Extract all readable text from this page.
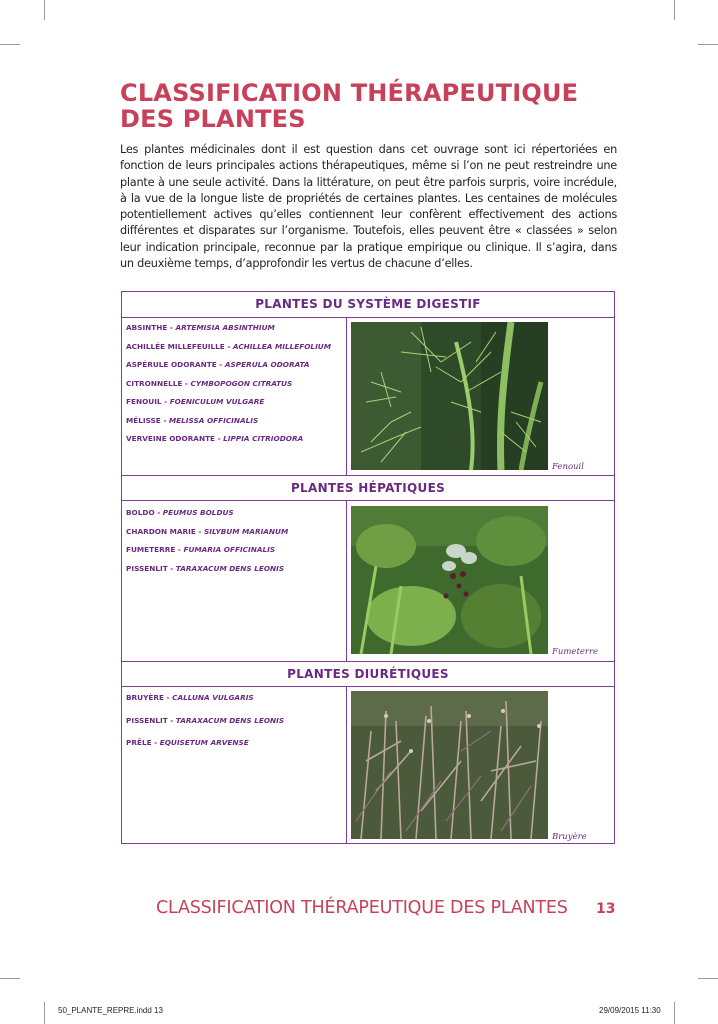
CLASSIFICATION THÉRAPEUTIQUE DES PLANTES

Les plantes médicinales dont il est question dans cet ouvrage sont ici répertoriées en fonction de leurs principales actions thérapeutiques, même si l’on ne peut restreindre une plante à une seule activité. Dans la littérature, on peut être parfois surpris, voire incrédule, à la vue de la longue liste de propriétés de certaines plantes. Les centaines de molécules potentiellement actives qu’elles contiennent leur confèrent effectivement des actions différentes et disparates sur l’organisme. Toutefois, elles peuvent être « classées » selon leur indication principale, reconnue par la pratique empirique ou clinique. Il s’agira, dans un deuxième temps, d’approfondir les vertus de chacune d’elles.

PLANTES DU SYSTÈME DIGESTIF
ABSINTHE - ARTEMISIA ABSINTHIUM
ACHILLÉE MILLEFEUILLE - ACHILLEA MILLEFOLIUM
ASPÉRULE ODORANTE - ASPERULA ODORATA
CITRONNELLE - CYMBOPOGON CITRATUS
FENOUIL - FOENICULUM VULGARE
MÉLISSE - MELISSA OFFICINALIS
VERVEINE ODORANTE - LIPPIA CITRIODORA
Fenouil
PLANTES HÉPATIQUES
BOLDO - PEUMUS BOLDUS
CHARDON MARIE - SILYBUM MARIANUM
FUMETERRE - FUMARIA OFFICINALIS
PISSENLIT - TARAXACUM DENS LEONIS
Fumeterre
PLANTES DIURÉTIQUES
BRUYÈRE - CALLUNA VULGARIS
PISSENLIT - TARAXACUM DENS LEONIS
PRÊLE - EQUISETUM ARVENSE
Bruyère
CLASSIFICATION THÉRAPEUTIQUE DES PLANTES 13
50_PLANTE_REPRE.indd 13	29/09/2015 11:30
